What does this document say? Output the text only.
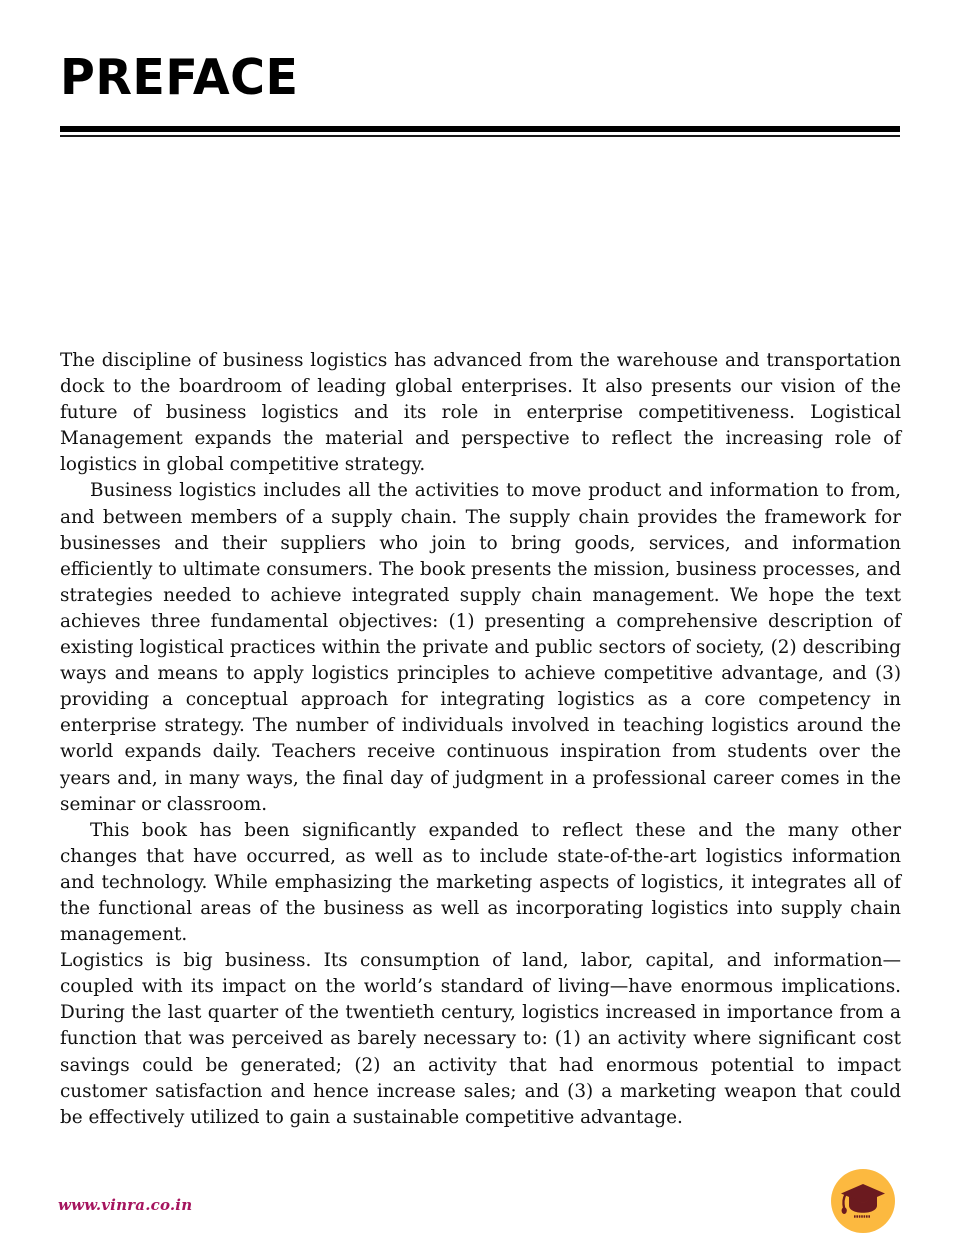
PREFACE

The discipline of business logistics has advanced from the warehouse and transportation dock to the boardroom of leading global enterprises. It also presents our vision of the future of business logistics and its role in enterprise competitiveness. Logistical Management expands the material and perspective to reflect the increasing role of logistics in global competitive strategy.

Business logistics includes all the activities to move product and information to from, and between members of a supply chain. The supply chain provides the framework for businesses and their suppliers who join to bring goods, services, and information efficiently to ultimate consumers. The book presents the mission, business processes, and strategies needed to achieve integrated supply chain management. We hope the text achieves three fundamental objectives: (1) presenting a comprehensive description of existing logistical practices within the private and public sectors of society, (2) describing ways and means to apply logistics principles to achieve competitive advantage, and (3) providing a conceptual approach for integrating logistics as a core competency in enterprise strategy. The number of individuals involved in teaching logistics around the world expands daily. Teachers receive continuous inspiration from students over the years and, in many ways, the final day of judgment in a professional career comes in the seminar or classroom.

This book has been significantly expanded to reflect these and the many other changes that have occurred, as well as to include state-of-the-art logistics information and technology. While emphasizing the marketing aspects of logistics, it integrates all of the functional areas of the business as well as incorporating logistics into supply chain management.

Logistics is big business. Its consumption of land, labor, capital, and information—coupled with its impact on the world’s standard of living—have enormous implications. During the last quarter of the twentieth century, logistics increased in importance from a function that was perceived as barely necessary to: (1) an activity where significant cost savings could be generated; (2) an activity that had enormous potential to impact customer satisfaction and hence increase sales; and (3) a marketing weapon that could be effectively utilized to gain a sustainable competitive advantage.

www.vinra.co.in
